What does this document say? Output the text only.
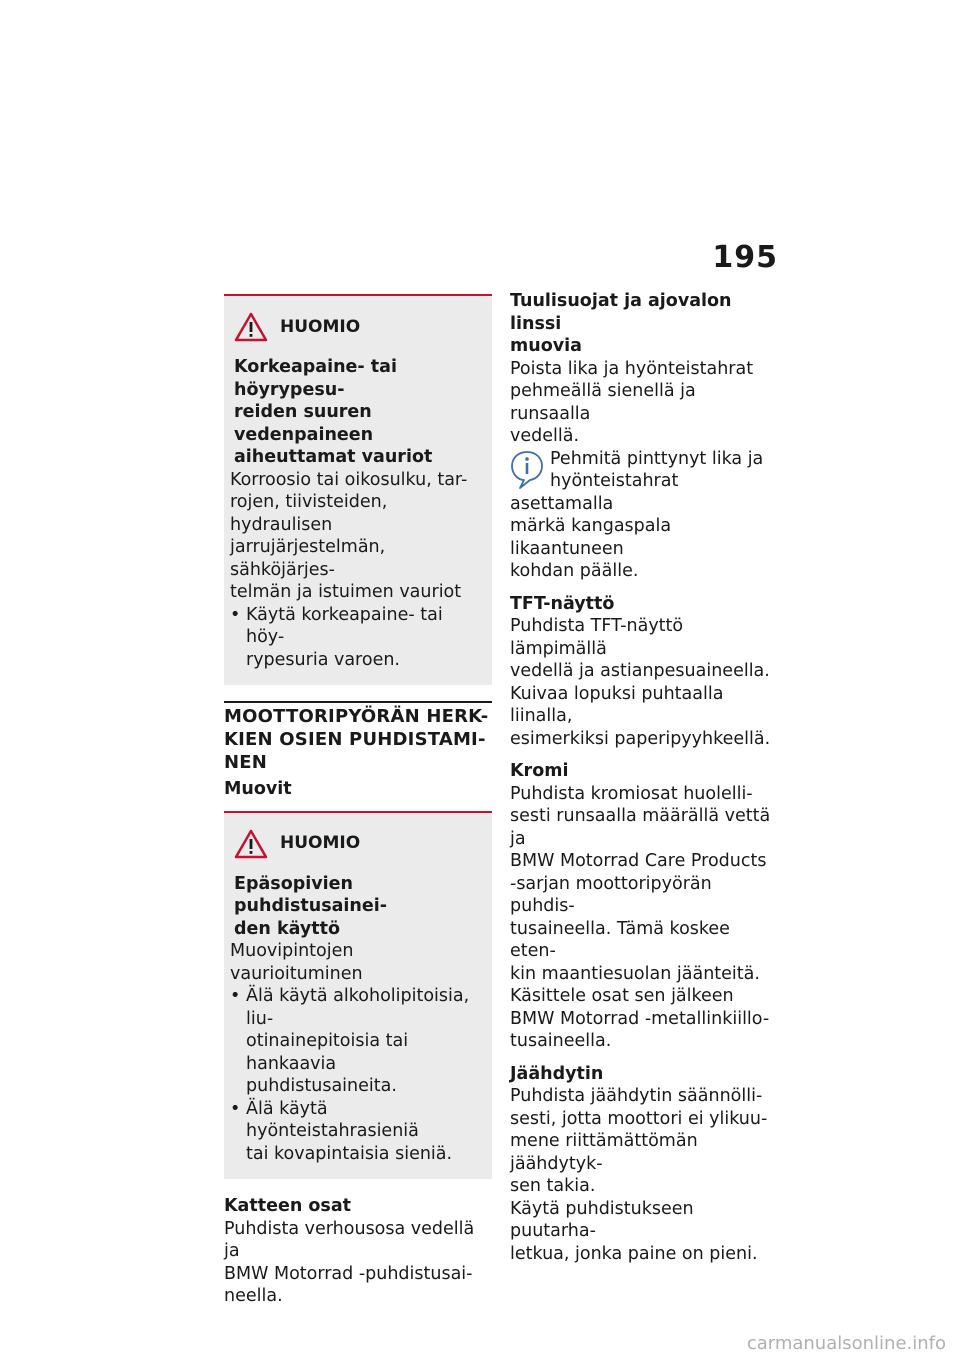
195
HUOMIO

Korkeapaine- tai höyrypesu-
reiden suuren vedenpaineen
aiheuttamat vauriot

Korroosio tai oikosulku, tar-
rojen, tiivisteiden, hydraulisen
jarrujärjestelmän, sähköjärjes-
telmän ja istuimen vauriot

• Käytä korkeapaine- tai höy-
rypesuria varoen.
MOOTTORIPYÖRÄN HERK-
KIEN OSIEN PUHDISTAMI-
NEN

Muovit

HUOMIO

Epäsopivien puhdistusainei-
den käyttö

Muovipintojen vaurioituminen

• Älä käytä alkoholipitoisia, liu-
otinainepitoisia tai hankaavia
puhdistusaineita.
• Älä käytä hyönteistahrasieniä
tai kovapintaisia sieniä.

Katteen osat

Puhdista verhousosa vedellä ja
BMW Motorrad -puhdistusai-
neella.

Tuulisuojat ja ajovalon linssi
muovia

Poista lika ja hyönteistahrat
pehmeällä sienellä ja runsaalla
vedellä.

Pehmitä pinttynyt lika ja
hyönteistahrat asettamalla
märkä kangaspala likaantuneen
kohdan päälle.

TFT-näyttö

Puhdista TFT-näyttö lämpimällä
vedellä ja astianpesuaineella.
Kuivaa lopuksi puhtaalla liinalla,
esimerkiksi paperipyyhkeellä.

Kromi

Puhdista kromiosat huolelli-
sesti runsaalla määrällä vettä ja
BMW Motorrad Care Products
-sarjan moottoripyörän puhdis-
tusaineella. Tämä koskee eten-
kin maantiesuolan jäänteitä.
Käsittele osat sen jälkeen
BMW Motorrad -metallinkiillo-
tusaineella.

Jäähdytin

Puhdista jäähdytin säännölli-
sesti, jotta moottori ei ylikuu-
mene riittämättömän jäähdytyk-
sen takia.
Käytä puhdistukseen puutarha-
letkua, jonka paine on pieni.

carmanualsonline.info
